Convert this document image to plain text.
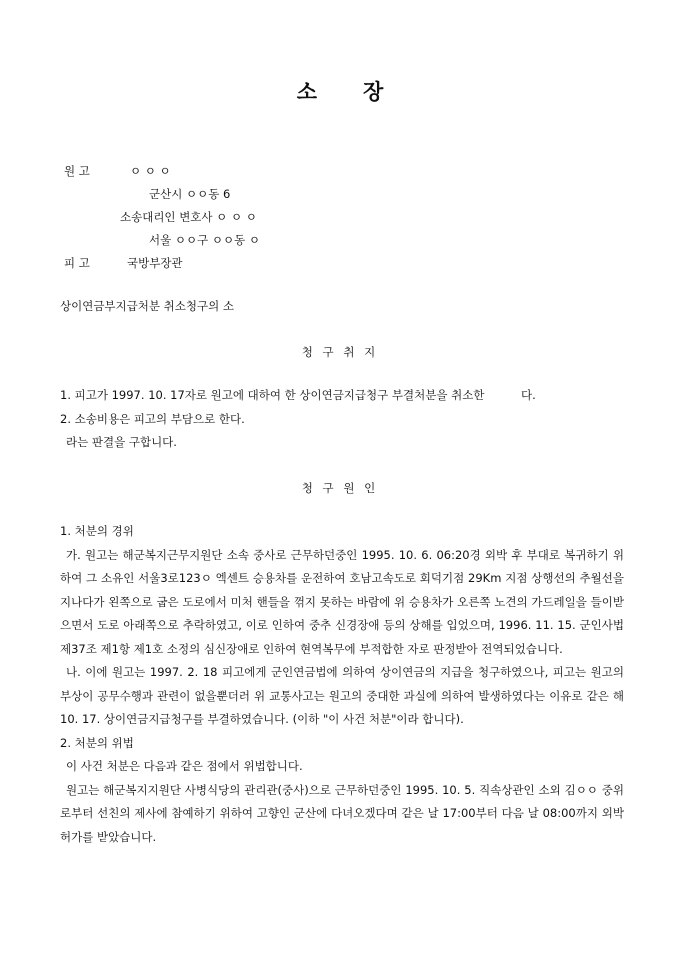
소 장
원 고	ㅇ ㅇ ㅇ
군산시 ㅇㅇ동 6
소송대리인 변호사 ㅇ ㅇ ㅇ
서울 ㅇㅇ구 ㅇㅇ동 ㅇ
피 고	국방부장관
상이연금부지급처분 취소청구의 소
청 구 취 지

1. 피고가 1997. 10. 17자로 원고에 대하여 한 상이연금지급청구 부결처분을 취소한          다.

2. 소송비용은 피고의 부담으로 한다.

라는 판결을 구합니다.

청 구 원 인

1. 처분의 경위

가. 원고는 해군복지근무지원단 소속 중사로 근무하던중인 1995. 10. 6. 06:20경 외박 후 부대로 복귀하기 위하여 그 소유인 서울3로123ㅇ 엑센트 승용차를 운전하여 호남고속도로 회덕기점 29Km 지점 상행선의 추월선을 지나다가 왼쪽으로 굽은 도로에서 미처 핸들을 꺾지 못하는 바람에 위 승용차가 오른쪽 노견의 가드레일을 들이받으면서 도로 아래쪽으로 추락하였고, 이로 인하여 중추 신경장애 등의 상해를 입었으며, 1996. 11. 15. 군인사법 제37조 제1항 제1호 소정의 심신장애로 인하여 현역복무에 부적합한 자로 판정받아 전역되었습니다.

나. 이에 원고는 1997. 2. 18 피고에게 군인연금법에 의하여 상이연금의 지급을 청구하였으나, 피고는 원고의 부상이 공무수행과 관련이 없을뿐더러 위 교통사고는 원고의 중대한 과실에 의하여 발생하였다는 이유로 같은 해 10. 17. 상이연금지급청구를 부결하였습니다. (이하 "이 사건 처분"이라 합니다).

2. 처분의 위법

이 사건 처분은 다음과 같은 점에서 위법합니다.

원고는 해군복지지원단 사병식당의 관리관(중사)으로 근무하던중인 1995. 10. 5. 직속상관인 소외 김ㅇㅇ 중위로부터 선친의 제사에 참예하기 위하여 고향인 군산에 다녀오겠다며 같은 날 17:00부터 다음 날 08:00까지 외박허가를 받았습니다.
